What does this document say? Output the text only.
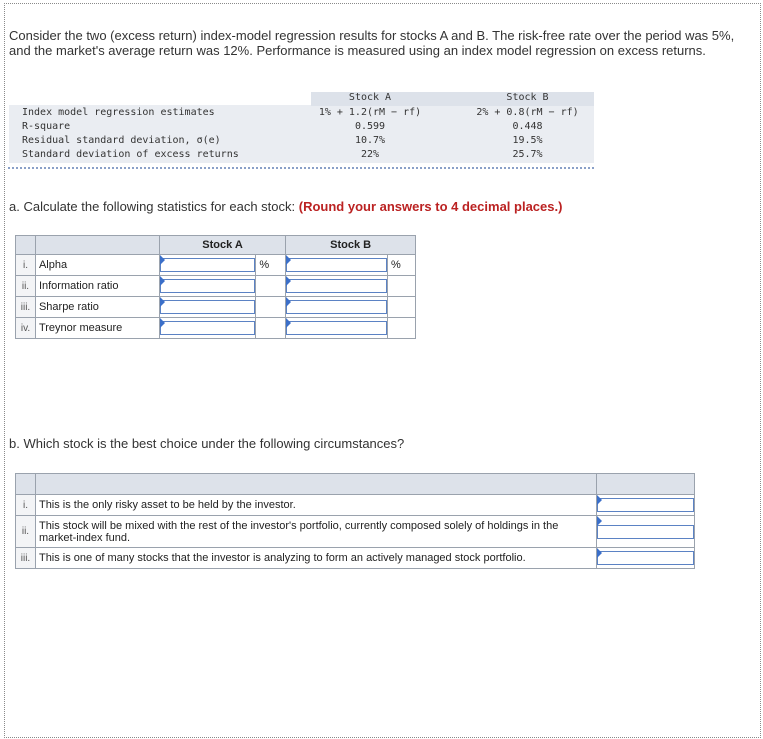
Consider the two (excess return) index-model regression results for stocks A and B. The risk-free rate over the period was 5%, and the market's average return was 12%. Performance is measured using an index model regression on excess returns.
Stock A	Stock B
Index model regression estimates	1% + 1.2(rM − rf)	2% + 0.8(rM − rf)
R-square	0.599	0.448
Residual standard deviation, σ(e)	10.7%	19.5%
Standard deviation of excess returns	22%	25.7%
a. Calculate the following statistics for each stock: (Round your answers to 4 decimal places.)
		Stock A		Stock B	
i.	Alpha		%		%
ii.	Information ratio	

iii.	Sharpe ratio	

iv.	Treynor measure	

b. Which stock is the best choice under the following circumstances?

i.	This is the only risky asset to be held by the investor.	

ii.	This stock will be mixed with the rest of the investor's portfolio, currently composed solely of holdings in the market-index fund.	

iii.	This is one of many stocks that the investor is analyzing to form an actively managed stock portfolio.	
